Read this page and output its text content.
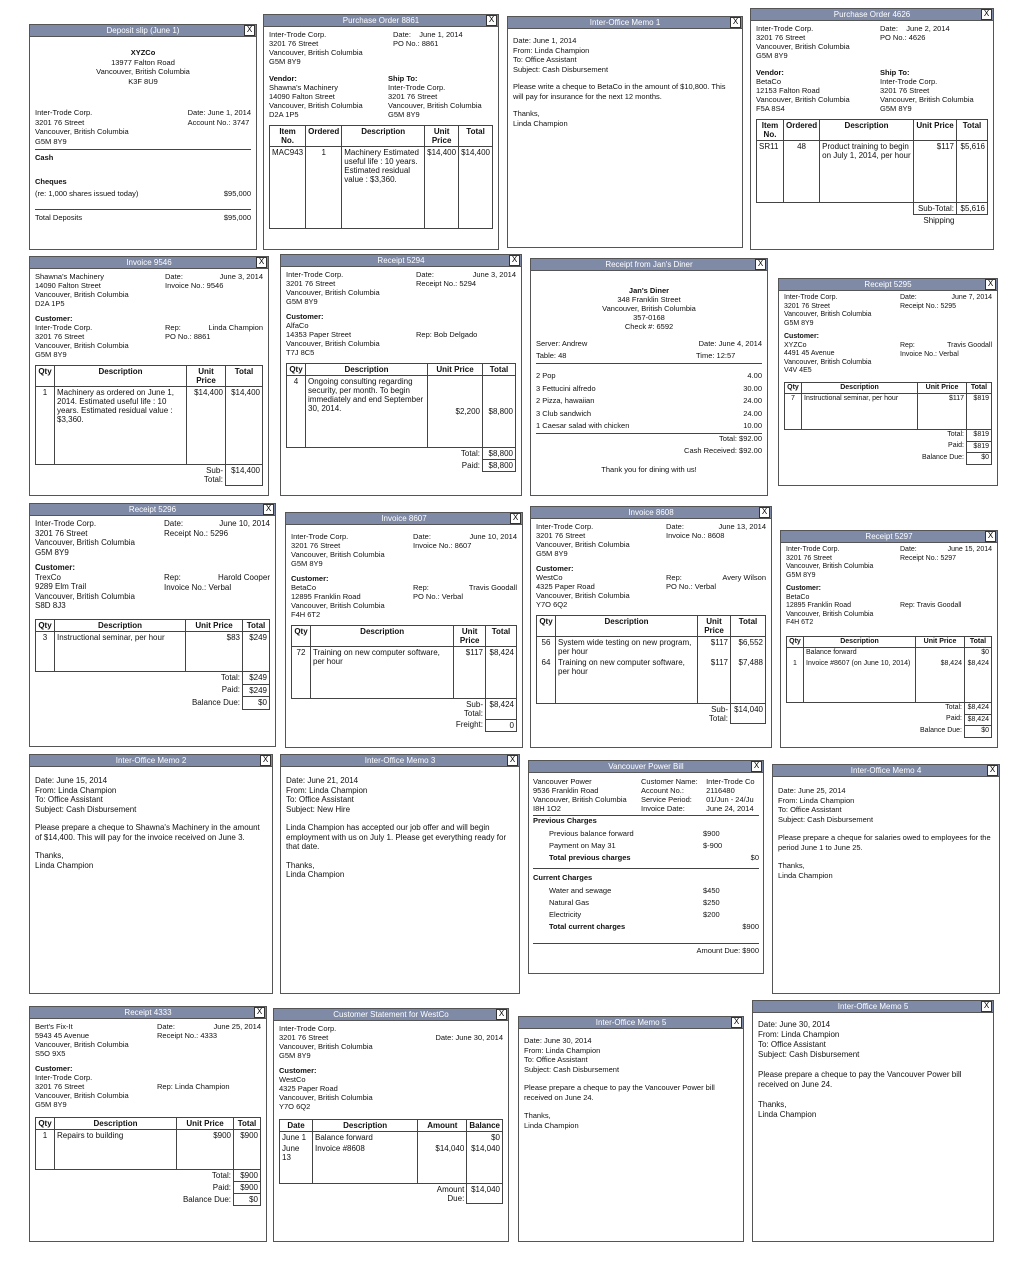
Deposit slip (June 1)	X
XYZCo
13977 Falton Road
Vancouver, British Columbia
K3F 8U9
Inter-Trode Corp.
3201 76 Street
Vancouver, British Columbia
G5M 8Y9
Date: June 1, 2014
Account No.: 3747
Cash
Cheques
(re: 1,000 shares issued today)	$95,000
Total Deposits	$95,000
Purchase Order 8861	X
Inter-Trode Corp.
3201 76 Street
Vancouver, British Columbia
G5M 8Y9
Date: June 1, 2014
PO No.: 8861
Vendor:
Shawna's Machinery
14090 Falton Street
Vancouver, British Columbia
D2A 1P5
Ship To:
Inter-Trode Corp.
3201 76 Street
Vancouver, British Columbia
G5M 8Y9
Item No.	Ordered	Description	Unit Price	Total
MAC943	1	Machinery Estimated useful life : 10 years. Estimated residual value : $3,360.	$14,400	$14,400
Inter-Office Memo 1	X
Date: June 1, 2014
From: Linda Champion
To: Office Assistant
Subject: Cash Disbursement
Please write a cheque to BetaCo in the amount of $10,800. This will pay for insurance for the next 12 months.
Thanks,
Linda Champion
Purchase Order 4626	X
Inter-Trode Corp.
3201 76 Street
Vancouver, British Columbia
G5M 8Y9
Date: June 2, 2014
PO No.: 4626
Vendor:
BetaCo
12153 Falton Road
Vancouver, British Columbia
F5A 8S4
Ship To:
Inter-Trode Corp.
3201 76 Street
Vancouver, British Columbia
G5M 8Y9
Item No.	Ordered	Description	Unit Price	Total
SR11	48	Product training to begin on July 1, 2014, per hour	$117	$5,616
			Sub-Total:	$5,616
			Shipping	
Invoice 9546	X
Shawna's Machinery
14090 Falton Street
Vancouver, British Columbia
D2A 1P5
Date:	June 3, 2014
Invoice No.: 9546
Customer:
Inter-Trode Corp.
3201 76 Street
Vancouver, British Columbia
G5M 8Y9
Rep:	Linda Champion
PO No.: 8861
Qty	Description	Unit Price	Total
1	Machinery as ordered on June 1, 2014. Estimated useful life : 10 years. Estimated residual value : $3,360.	$14,400	$14,400
		Sub-Total:	$14,400
Receipt 5294	X
Inter-Trode Corp.
3201 76 Street
Vancouver, British Columbia
G5M 8Y9
Date:	June 3, 2014
Receipt No.: 5294
Customer:
AlfaCo
14353 Paper Street
Vancouver, British Columbia
T7J 8C5
Rep: Bob Delgado
Qty	Description	Unit Price	Total
4	Ongoing consulting regarding security, per month. To begin immediately and end September 30, 2014.	$2,200	$8,800
		Total:	$8,800
		Paid:	$8,800
Receipt from Jan's Diner	X
Jan's Diner
348 Franklin Street
Vancouver, British Columbia
357-0168
Check #: 6592
Server: Andrew	Date: June 4, 2014
Table: 48	Time: 12:57
2 Pop	4.00
3 Fettucini alfredo	30.00
2 Pizza, hawaiian	24.00
3 Club sandwich	24.00
1 Caesar salad with chicken	10.00
Total: $92.00
Cash Received: $92.00
Thank you for dining with us!
Receipt 5295	X
Inter-Trode Corp.
3201 76 Street
Vancouver, British Columbia
G5M 8Y9
Date:	June 7, 2014
Receipt No.: 5295
Customer:
XYZCo
4491 45 Avenue
Vancouver, British Columbia
V4V 4E5
Rep:	Travis Goodall
Invoice No.: Verbal
Qty	Description	Unit Price	Total
7	Instructional seminar, per hour	$117	$819
		Total:	$819
		Paid:	$819
		Balance Due:	$0
Receipt 5296	X
Inter-Trode Corp.
3201 76 Street
Vancouver, British Columbia
G5M 8Y9
Date:	June 10, 2014
Receipt No.: 5296
Customer:
TrexCo
9289 Elm Trail
Vancouver, British Columbia
S8D 8J3
Rep:	Harold Cooper
Invoice No.: Verbal
Qty	Description	Unit Price	Total
3	Instructional seminar, per hour	$83	$249
		Total:	$249
		Paid:	$249
		Balance Due:	$0
Invoice 8607	X
Inter-Trode Corp.
3201 76 Street
Vancouver, British Columbia
G5M 8Y9
Date:	June 10, 2014
Invoice No.: 8607
Customer:
BetaCo
12895 Franklin Road
Vancouver, British Columbia
F4H 6T2
Rep:	Travis Goodall
PO No.: Verbal
Qty	Description	Unit Price	Total
72	Training on new computer software, per hour	$117	$8,424
		Sub-Total:	$8,424
		Freight:	0
Invoice 8608	X
Inter-Trode Corp.
3201 76 Street
Vancouver, British Columbia
G5M 8Y9
Date:	June 13, 2014
Invoice No.: 8608
Customer:
WestCo
4325 Paper Road
Vancouver, British Columbia
Y7O 6Q2
Rep:	Avery Wilson
PO No.: Verbal
Qty	Description	Unit Price	Total
56	System wide testing on new program, per hour	$117	$6,552
64	Training on new computer software, per hour	$117	$7,488
		Sub-Total:	$14,040
Receipt 5297	X
Inter-Trode Corp.
3201 76 Street
Vancouver, British Columbia
G5M 8Y9
Date:	June 15, 2014
Receipt No.: 5297
Customer:
BetaCo
12895 Franklin Road
Vancouver, British Columbia
F4H 6T2
Rep: Travis Goodall
Qty	Description	Unit Price	Total
	Balance forward		$0
1	Invoice #8607 (on June 10, 2014)	$8,424	$8,424
		Total:	$8,424
		Paid:	$8,424
		Balance Due:	$0
Inter-Office Memo 2	X
Date: June 15, 2014
From: Linda Champion
To: Office Assistant
Subject: Cash Disbursement
Please prepare a cheque to Shawna's Machinery in the amount of $14,400. This will pay for the invoice received on June 3.
Thanks,
Linda Champion
Inter-Office Memo 3	X
Date: June 21, 2014
From: Linda Champion
To: Office Assistant
Subject: New Hire
Linda Champion has accepted our job offer and will begin employment with us on July 1. Please get everything ready for that date.
Thanks,
Linda Champion
Vancouver Power Bill	X
Vancouver Power
9536 Franklin Road
Vancouver, British Columbia
I8H 1O2
Customer Name:	Inter-Trode Co
Account No.:	2116480
Service Period:	01/Jun - 24/Ju
Invoice Date:	June 24, 2014
Previous Charges
Previous balance forward	$900
Payment on May 31	$-900
Total previous charges	$0
Current Charges
Water and sewage	$450
Natural Gas	$250
Electricity	$200
Total current charges	$900
Amount Due: $900
Inter-Office Memo 4	X
Date: June 25, 2014
From: Linda Champion
To: Office Assistant
Subject: Cash Disbursement
Please prepare a cheque for salaries owed to employees for the period June 1 to June 25.
Thanks,
Linda Champion
Receipt 4333	X
Bert's Fix-It
5943 45 Avenue
Vancouver, British Columbia
S5O 9X5
Date:	June 25, 2014
Receipt No.: 4333
Customer:
Inter-Trode Corp.
3201 76 Street
Vancouver, British Columbia
G5M 8Y9
Rep: Linda Champion
Qty	Description	Unit Price	Total
1	Repairs to building	$900	$900
		Total:	$900
		Paid:	$900
		Balance Due:	$0
Customer Statement for WestCo	X
Inter-Trode Corp.
3201 76 Street
Vancouver, British Columbia
G5M 8Y9
Date: June 30, 2014
Customer:
WestCo
4325 Paper Road
Vancouver, British Columbia
Y7O 6Q2
Date	Description	Amount	Balance
June 1	Balance forward		$0
June 13	Invoice #8608	$14,040	$14,040
		Amount Due:	$14,040
Inter-Office Memo 5	X
Date: June 30, 2014
From: Linda Champion
To: Office Assistant
Subject: Cash Disbursement
Please prepare a cheque to pay the Vancouver Power bill received on June 24.
Thanks,
Linda Champion
Inter-Office Memo 5	X
Date: June 30, 2014
From: Linda Champion
To: Office Assistant
Subject: Cash Disbursement
Please prepare a cheque to pay the Vancouver Power bill received on June 24.
Thanks,
Linda Champion
